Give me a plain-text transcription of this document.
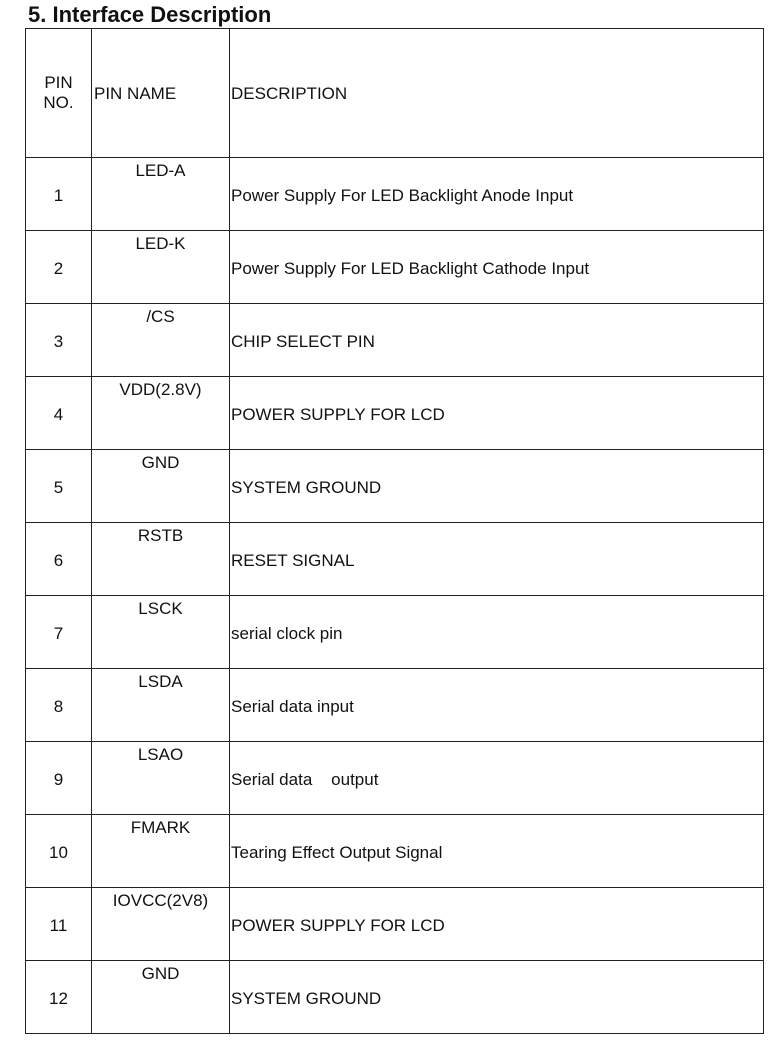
5. Interface Description
PIN
NO.	PIN NAME	DESCRIPTION

1	LED-A	Power Supply For LED Backlight Anode Input

2	LED-K	Power Supply For LED Backlight Cathode Input

3	/CS	CHIP SELECT PIN

4	VDD(2.8V)	POWER SUPPLY FOR LCD

5	GND	SYSTEM GROUND

6	RSTB	RESET SIGNAL

7	LSCK	serial clock pin

8	LSDA	Serial data input

9	LSAO	Serial data    output

10	FMARK	Tearing Effect Output Signal

11	IOVCC(2V8)	POWER SUPPLY FOR LCD

12	GND	SYSTEM GROUND
